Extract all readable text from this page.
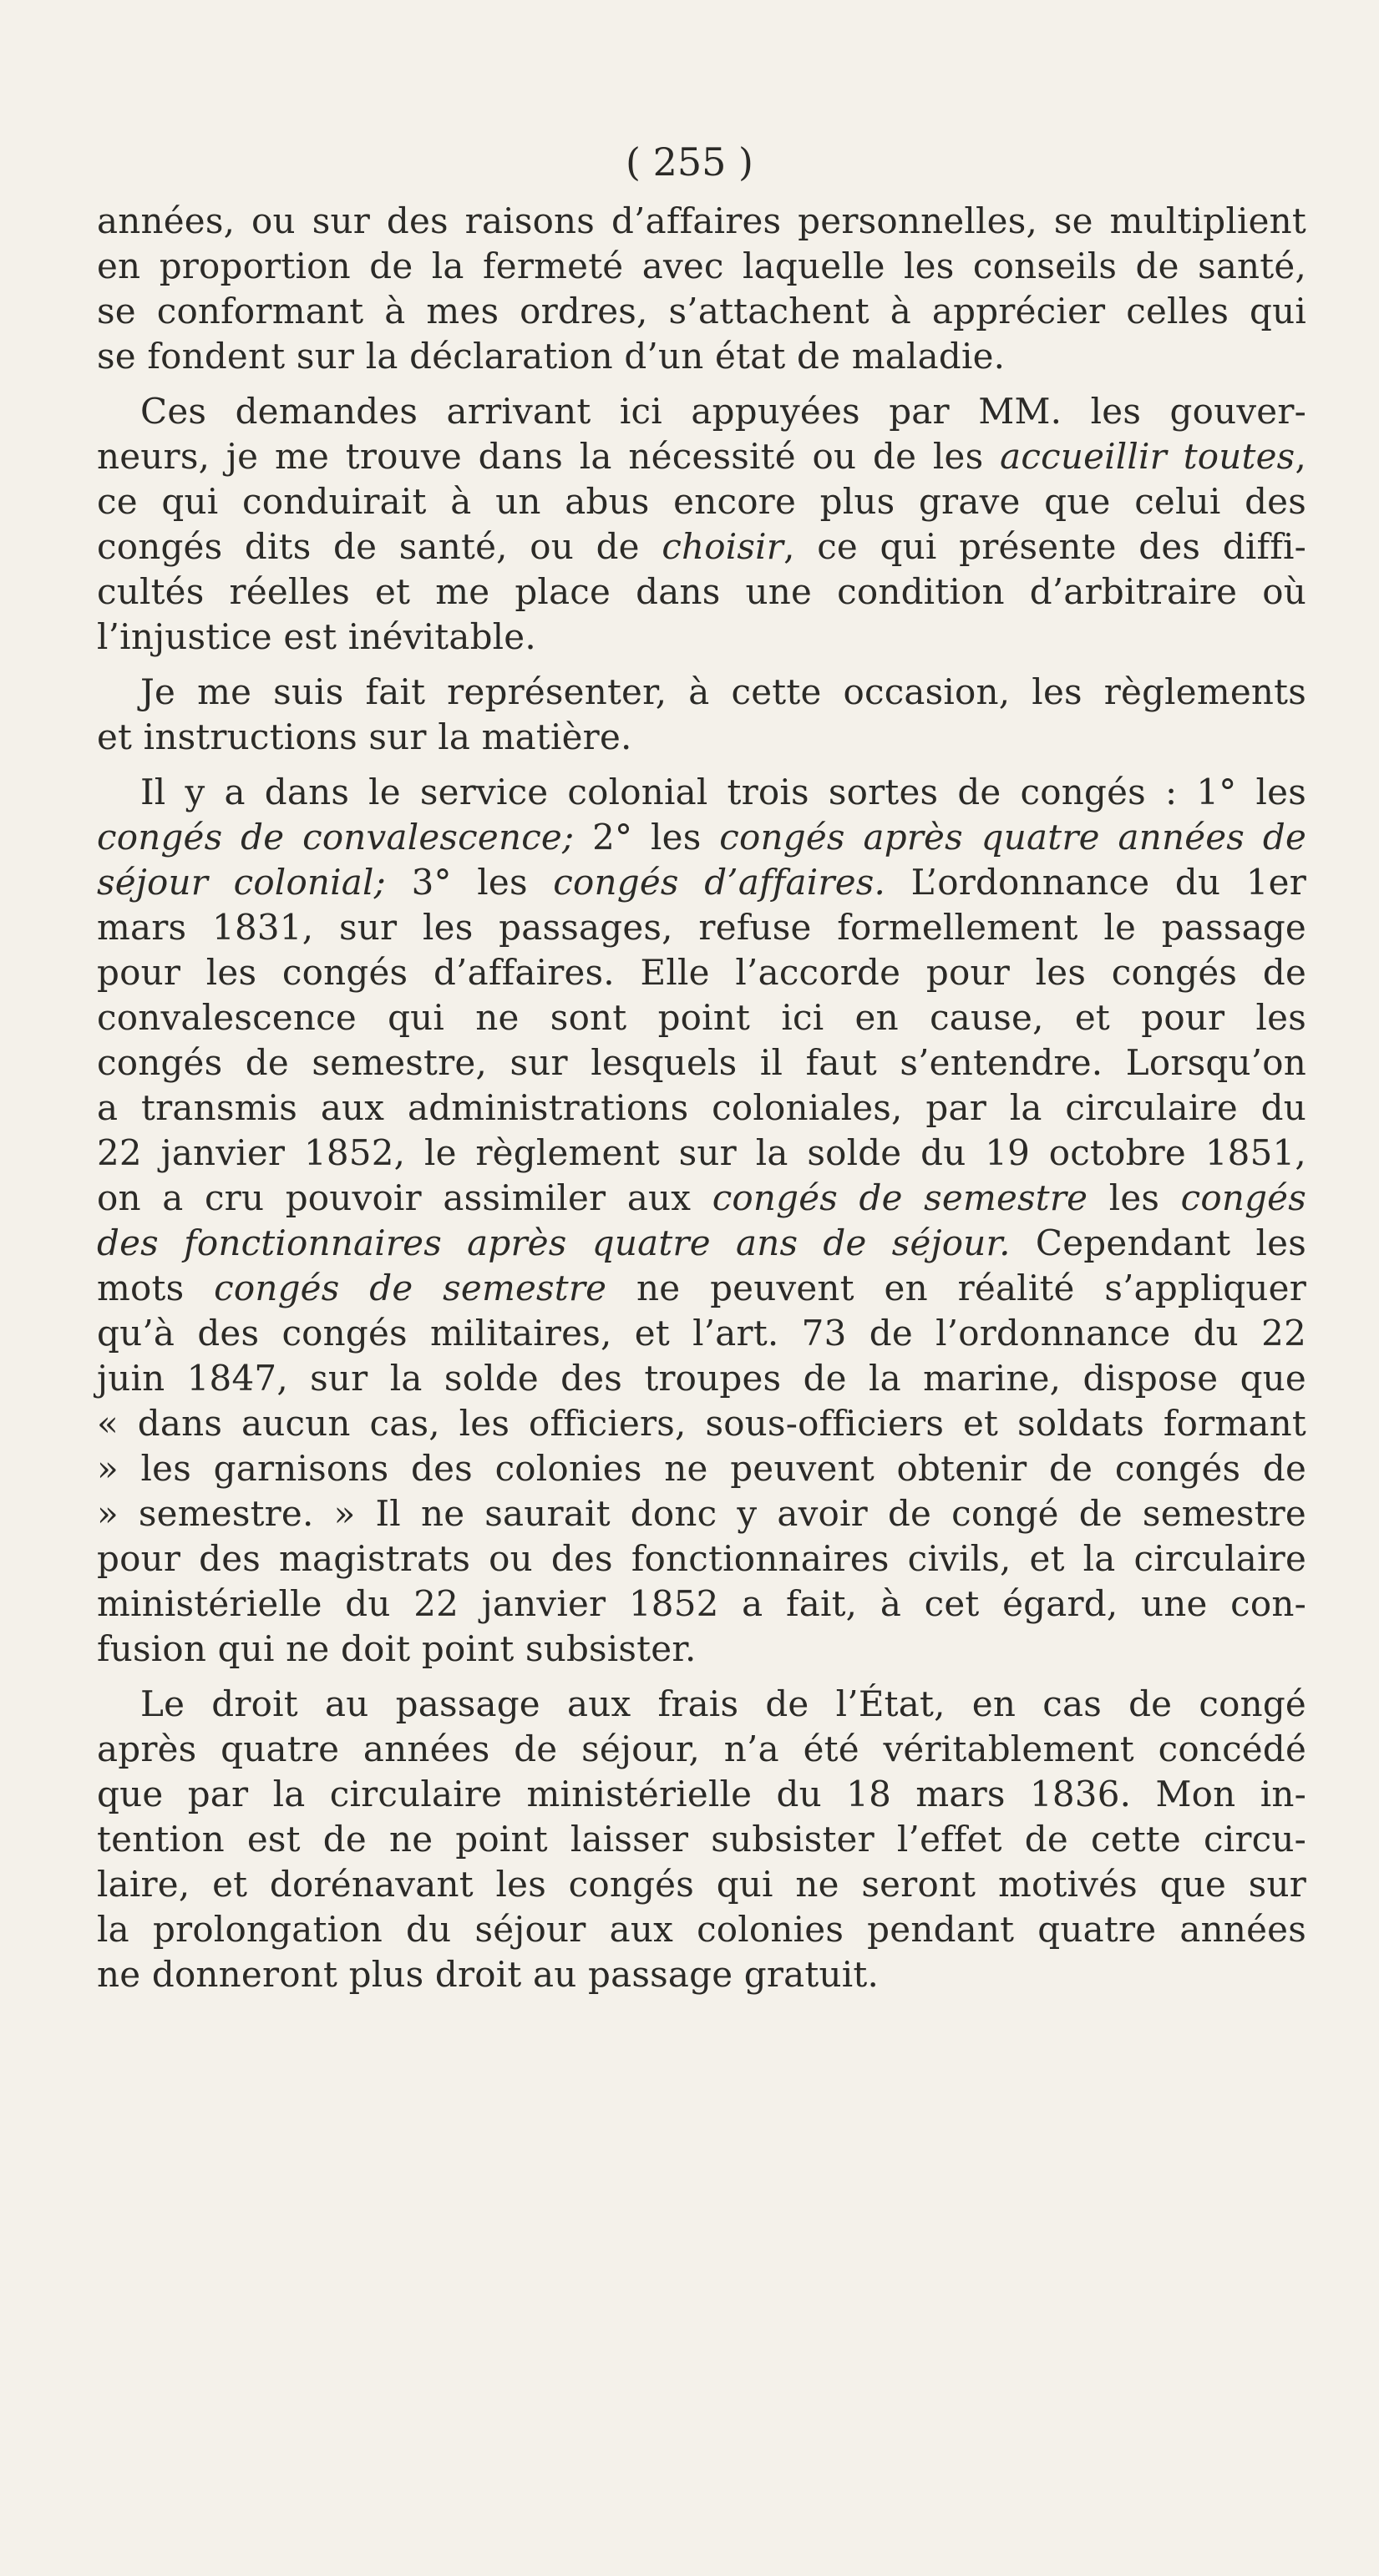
( 255 )
années, ou sur des raisons d’affaires personnelles, se multiplient
en proportion de la fermeté avec laquelle les conseils de santé,
se conformant à mes ordres, s’attachent à apprécier celles qui
se fondent sur la déclaration d’un état de maladie.
Ces demandes arrivant ici appuyées par MM. les gouver-
neurs, je me trouve dans la nécessité ou de les accueillir toutes,
ce qui conduirait à un abus encore plus grave que celui des
congés dits de santé, ou de choisir, ce qui présente des diffi-
cultés réelles et me place dans une condition d’arbitraire où
l’injustice est inévitable.
Je me suis fait représenter, à cette occasion, les règlements
et instructions sur la matière.
Il y a dans le service colonial trois sortes de congés : 1° les
congés de convalescence; 2° les congés après quatre années de
séjour colonial; 3° les congés d’affaires. L’ordonnance du 1er
mars 1831, sur les passages, refuse formellement le passage
pour les congés d’affaires. Elle l’accorde pour les congés de
convalescence qui ne sont point ici en cause, et pour les
congés de semestre, sur lesquels il faut s’entendre. Lorsqu’on
a transmis aux administrations coloniales, par la circulaire du
22 janvier 1852, le règlement sur la solde du 19 octobre 1851,
on a cru pouvoir assimiler aux congés de semestre les congés
des fonctionnaires après quatre ans de séjour. Cependant les
mots congés de semestre ne peuvent en réalité s’appliquer
qu’à des congés militaires, et l’art. 73 de l’ordonnance du 22
juin 1847, sur la solde des troupes de la marine, dispose que
« dans aucun cas, les officiers, sous-officiers et soldats formant
» les garnisons des colonies ne peuvent obtenir de congés de
» semestre. » Il ne saurait donc y avoir de congé de semestre
pour des magistrats ou des fonctionnaires civils, et la circulaire
ministérielle du 22 janvier 1852 a fait, à cet égard, une con-
fusion qui ne doit point subsister.
Le droit au passage aux frais de l’État, en cas de congé
après quatre années de séjour, n’a été véritablement concédé
que par la circulaire ministérielle du 18 mars 1836. Mon in-
tention est de ne point laisser subsister l’effet de cette circu-
laire, et dorénavant les congés qui ne seront motivés que sur
la prolongation du séjour aux colonies pendant quatre années
ne donneront plus droit au passage gratuit.
